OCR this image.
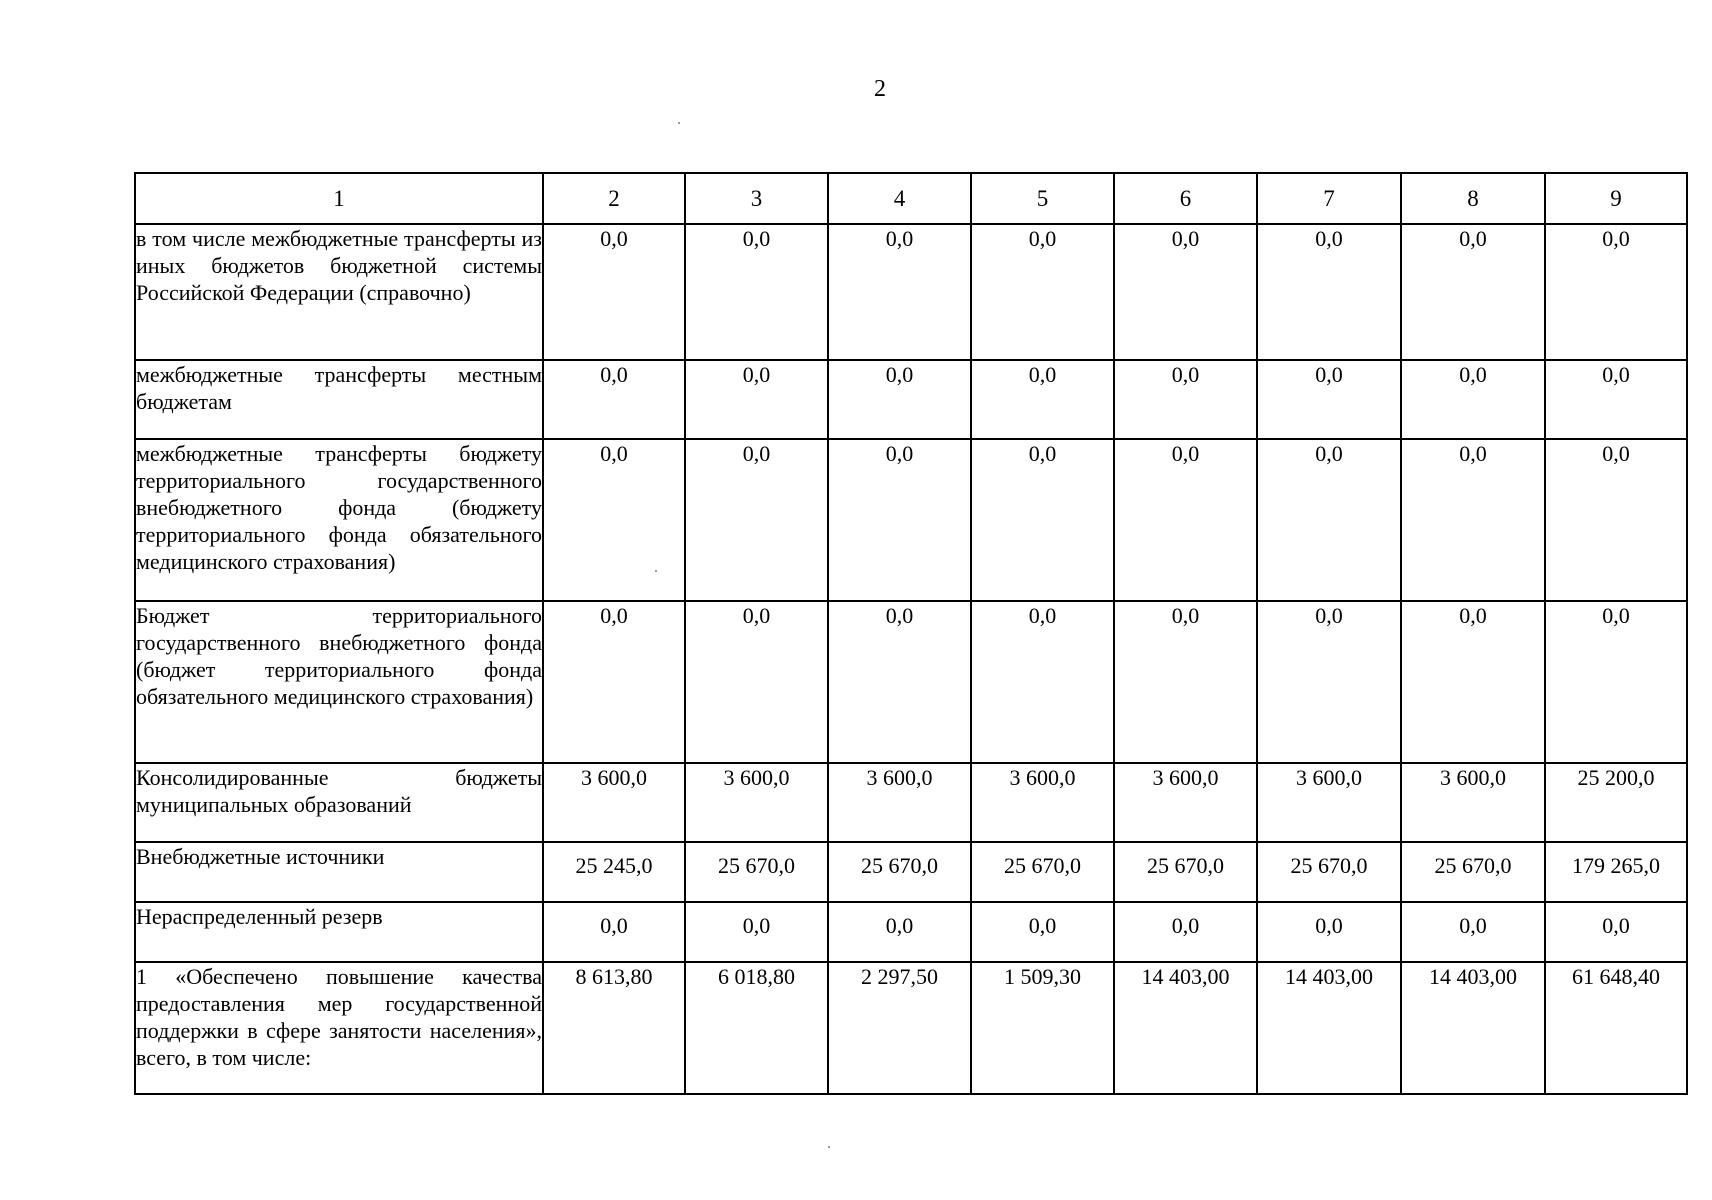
2
1	2	3	4	5	6	7	8	9
в том числе межбюджетные трансферты из иных бюджетов бюджетной системы Российской Федерации (справочно)	0,0	0,0	0,0	0,0	0,0	0,0	0,0	0,0
межбюджетные трансферты местным бюджетам	0,0	0,0	0,0	0,0	0,0	0,0	0,0	0,0
межбюджетные трансферты бюджету территориального государственного внебюджетного фонда (бюджету территориального фонда обязательного медицинского страхования)	0,0	0,0	0,0	0,0	0,0	0,0	0,0	0,0
Бюджет территориального государственного внебюджетного фонда (бюджет территориального фонда обязательного медицинского страхования)	0,0	0,0	0,0	0,0	0,0	0,0	0,0	0,0
Консолидированные бюджеты муниципальных образований	3 600,0	3 600,0	3 600,0	3 600,0	3 600,0	3 600,0	3 600,0	25 200,0
Внебюджетные источники	25 245,0	25 670,0	25 670,0	25 670,0	25 670,0	25 670,0	25 670,0	179 265,0
Нераспределенный резерв	0,0	0,0	0,0	0,0	0,0	0,0	0,0	0,0
1 «Обеспечено повышение качества предоставления мер государственной поддержки в сфере занятости населения», всего, в том числе:	8 613,80	6 018,80	2 297,50	1 509,30	14 403,00	14 403,00	14 403,00	61 648,40
